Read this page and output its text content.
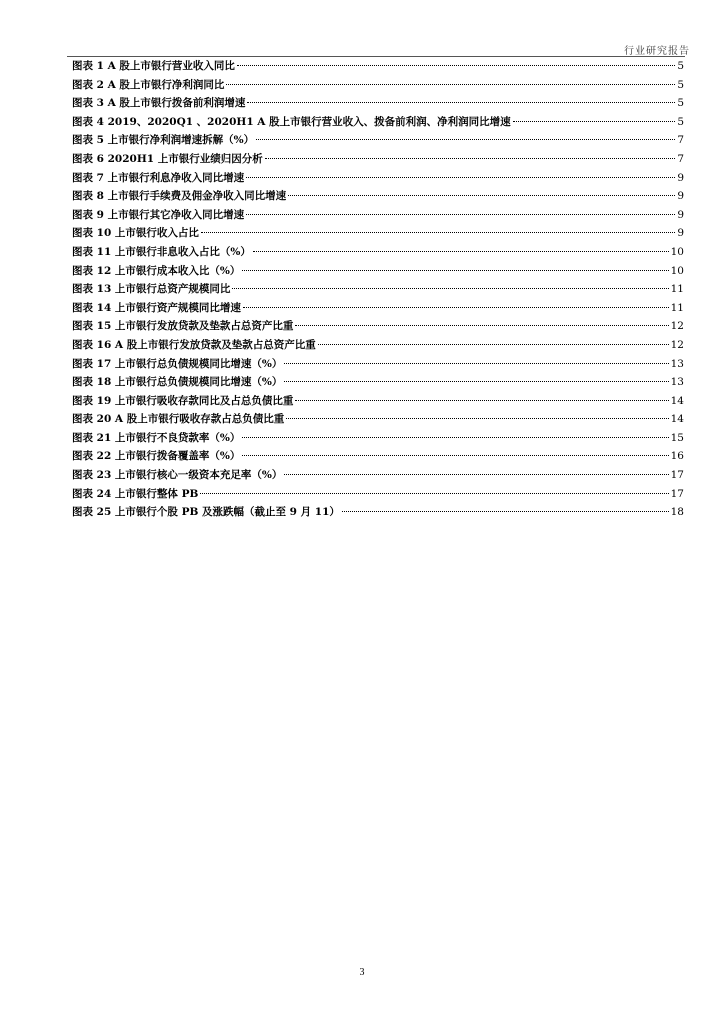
行业研究报告
图表 1 A 股上市银行营业收入同比	5
图表 2 A 股上市银行净利润同比	5
图表 3 A 股上市银行拨备前利润增速	5
图表 4 2019、2020Q1 、2020H1 A 股上市银行营业收入、拨备前利润、净利润同比增速	5
图表 5 上市银行净利润增速拆解（%）	7
图表 6 2020H1 上市银行业绩归因分析	7
图表 7 上市银行利息净收入同比增速	9
图表 8 上市银行手续费及佣金净收入同比增速	9
图表 9 上市银行其它净收入同比增速	9
图表 10 上市银行收入占比	9
图表 11 上市银行非息收入占比（%）	10
图表 12 上市银行成本收入比（%）	10
图表 13 上市银行总资产规模同比	11
图表 14 上市银行资产规模同比增速	11
图表 15 上市银行发放贷款及垫款占总资产比重	12
图表 16 A 股上市银行发放贷款及垫款占总资产比重	12
图表 17 上市银行总负债规模同比增速（%）	13
图表 18 上市银行总负债规模同比增速（%）	13
图表 19 上市银行吸收存款同比及占总负债比重	14
图表 20 A 股上市银行吸收存款占总负债比重	14
图表 21 上市银行不良贷款率（%）	15
图表 22 上市银行拨备覆盖率（%）	16
图表 23 上市银行核心一级资本充足率（%）	17
图表 24 上市银行整体 PB	17
图表 25 上市银行个股 PB 及涨跌幅（截止至 9 月 11）	18
3
